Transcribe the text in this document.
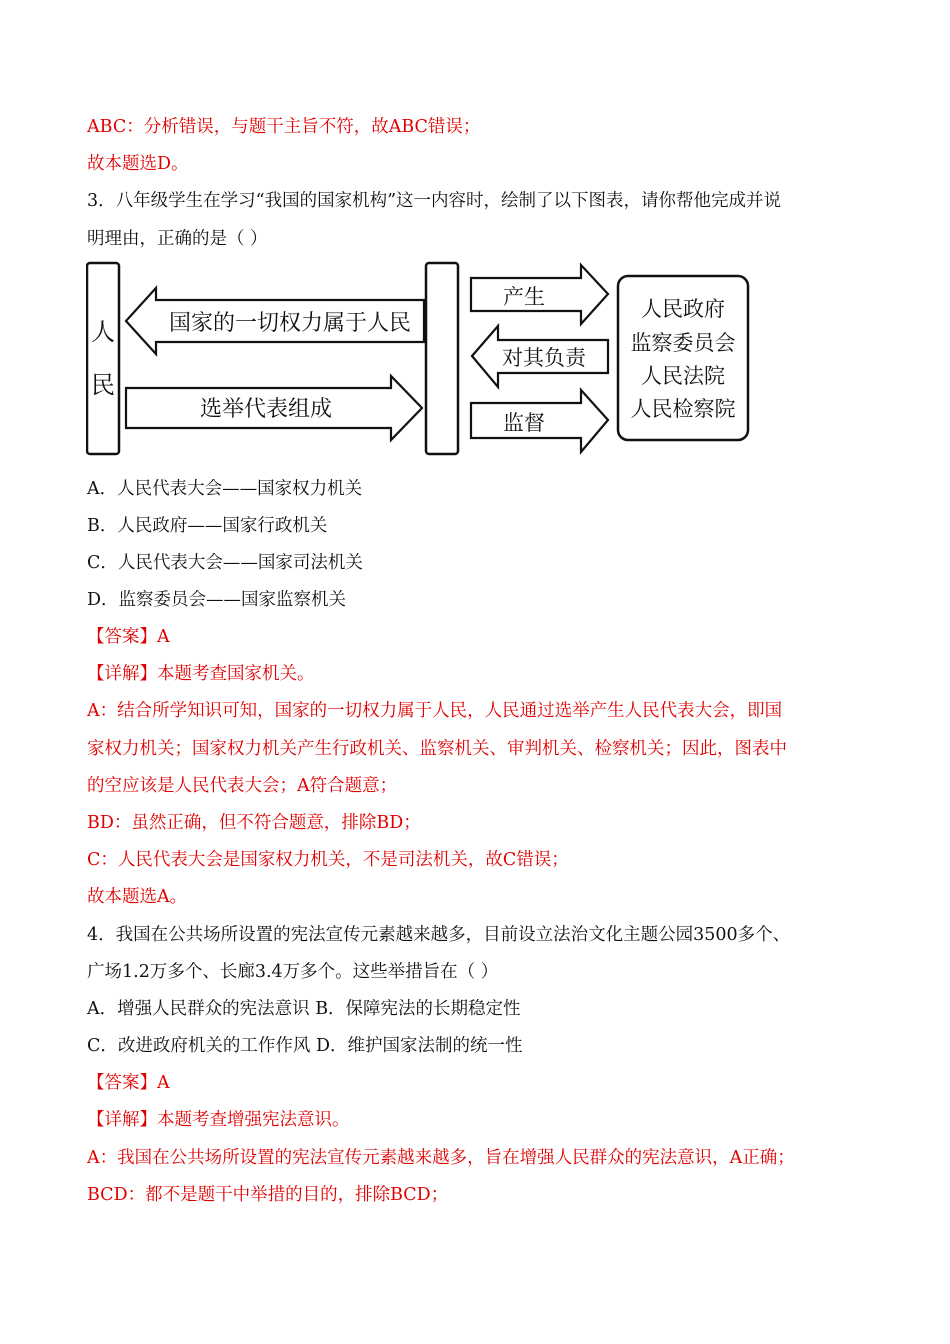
ABC：分析错误，与题干主旨不符，故ABC错误；
故本题选D。
3．八年级学生在学习“我国的国家机构”这一内容时，绘制了以下图表，请你帮他完成并说
明理由，正确的是（ ）
人
民
国家的一切权力属于人民
选举代表组成
产生
对其负责
监督
人民政府
监察委员会
人民法院
人民检察院
A．人民代表大会——国家权力机关
B．人民政府——国家行政机关
C．人民代表大会——国家司法机关
D．监察委员会——国家监察机关
【答案】A
【详解】本题考查国家机关。
A：结合所学知识可知，国家的一切权力属于人民，人民通过选举产生人民代表大会，即国
家权力机关；国家权力机关产生行政机关、监察机关、审判机关、检察机关；因此，图表中
的空应该是人民代表大会；A符合题意；
BD：虽然正确，但不符合题意，排除BD；
C：人民代表大会是国家权力机关，不是司法机关，故C错误；
故本题选A。
4．我国在公共场所设置的宪法宣传元素越来越多，目前设立法治文化主题公园3500多个、
广场1.2万多个、长廊3.4万多个。这些举措旨在（ ）
A．增强人民群众的宪法意识 B．保障宪法的长期稳定性
C．改进政府机关的工作作风 D．维护国家法制的统一性
【答案】A
【详解】本题考查增强宪法意识。
A：我国在公共场所设置的宪法宣传元素越来越多，旨在增强人民群众的宪法意识，A正确；
BCD：都不是题干中举措的目的，排除BCD；
